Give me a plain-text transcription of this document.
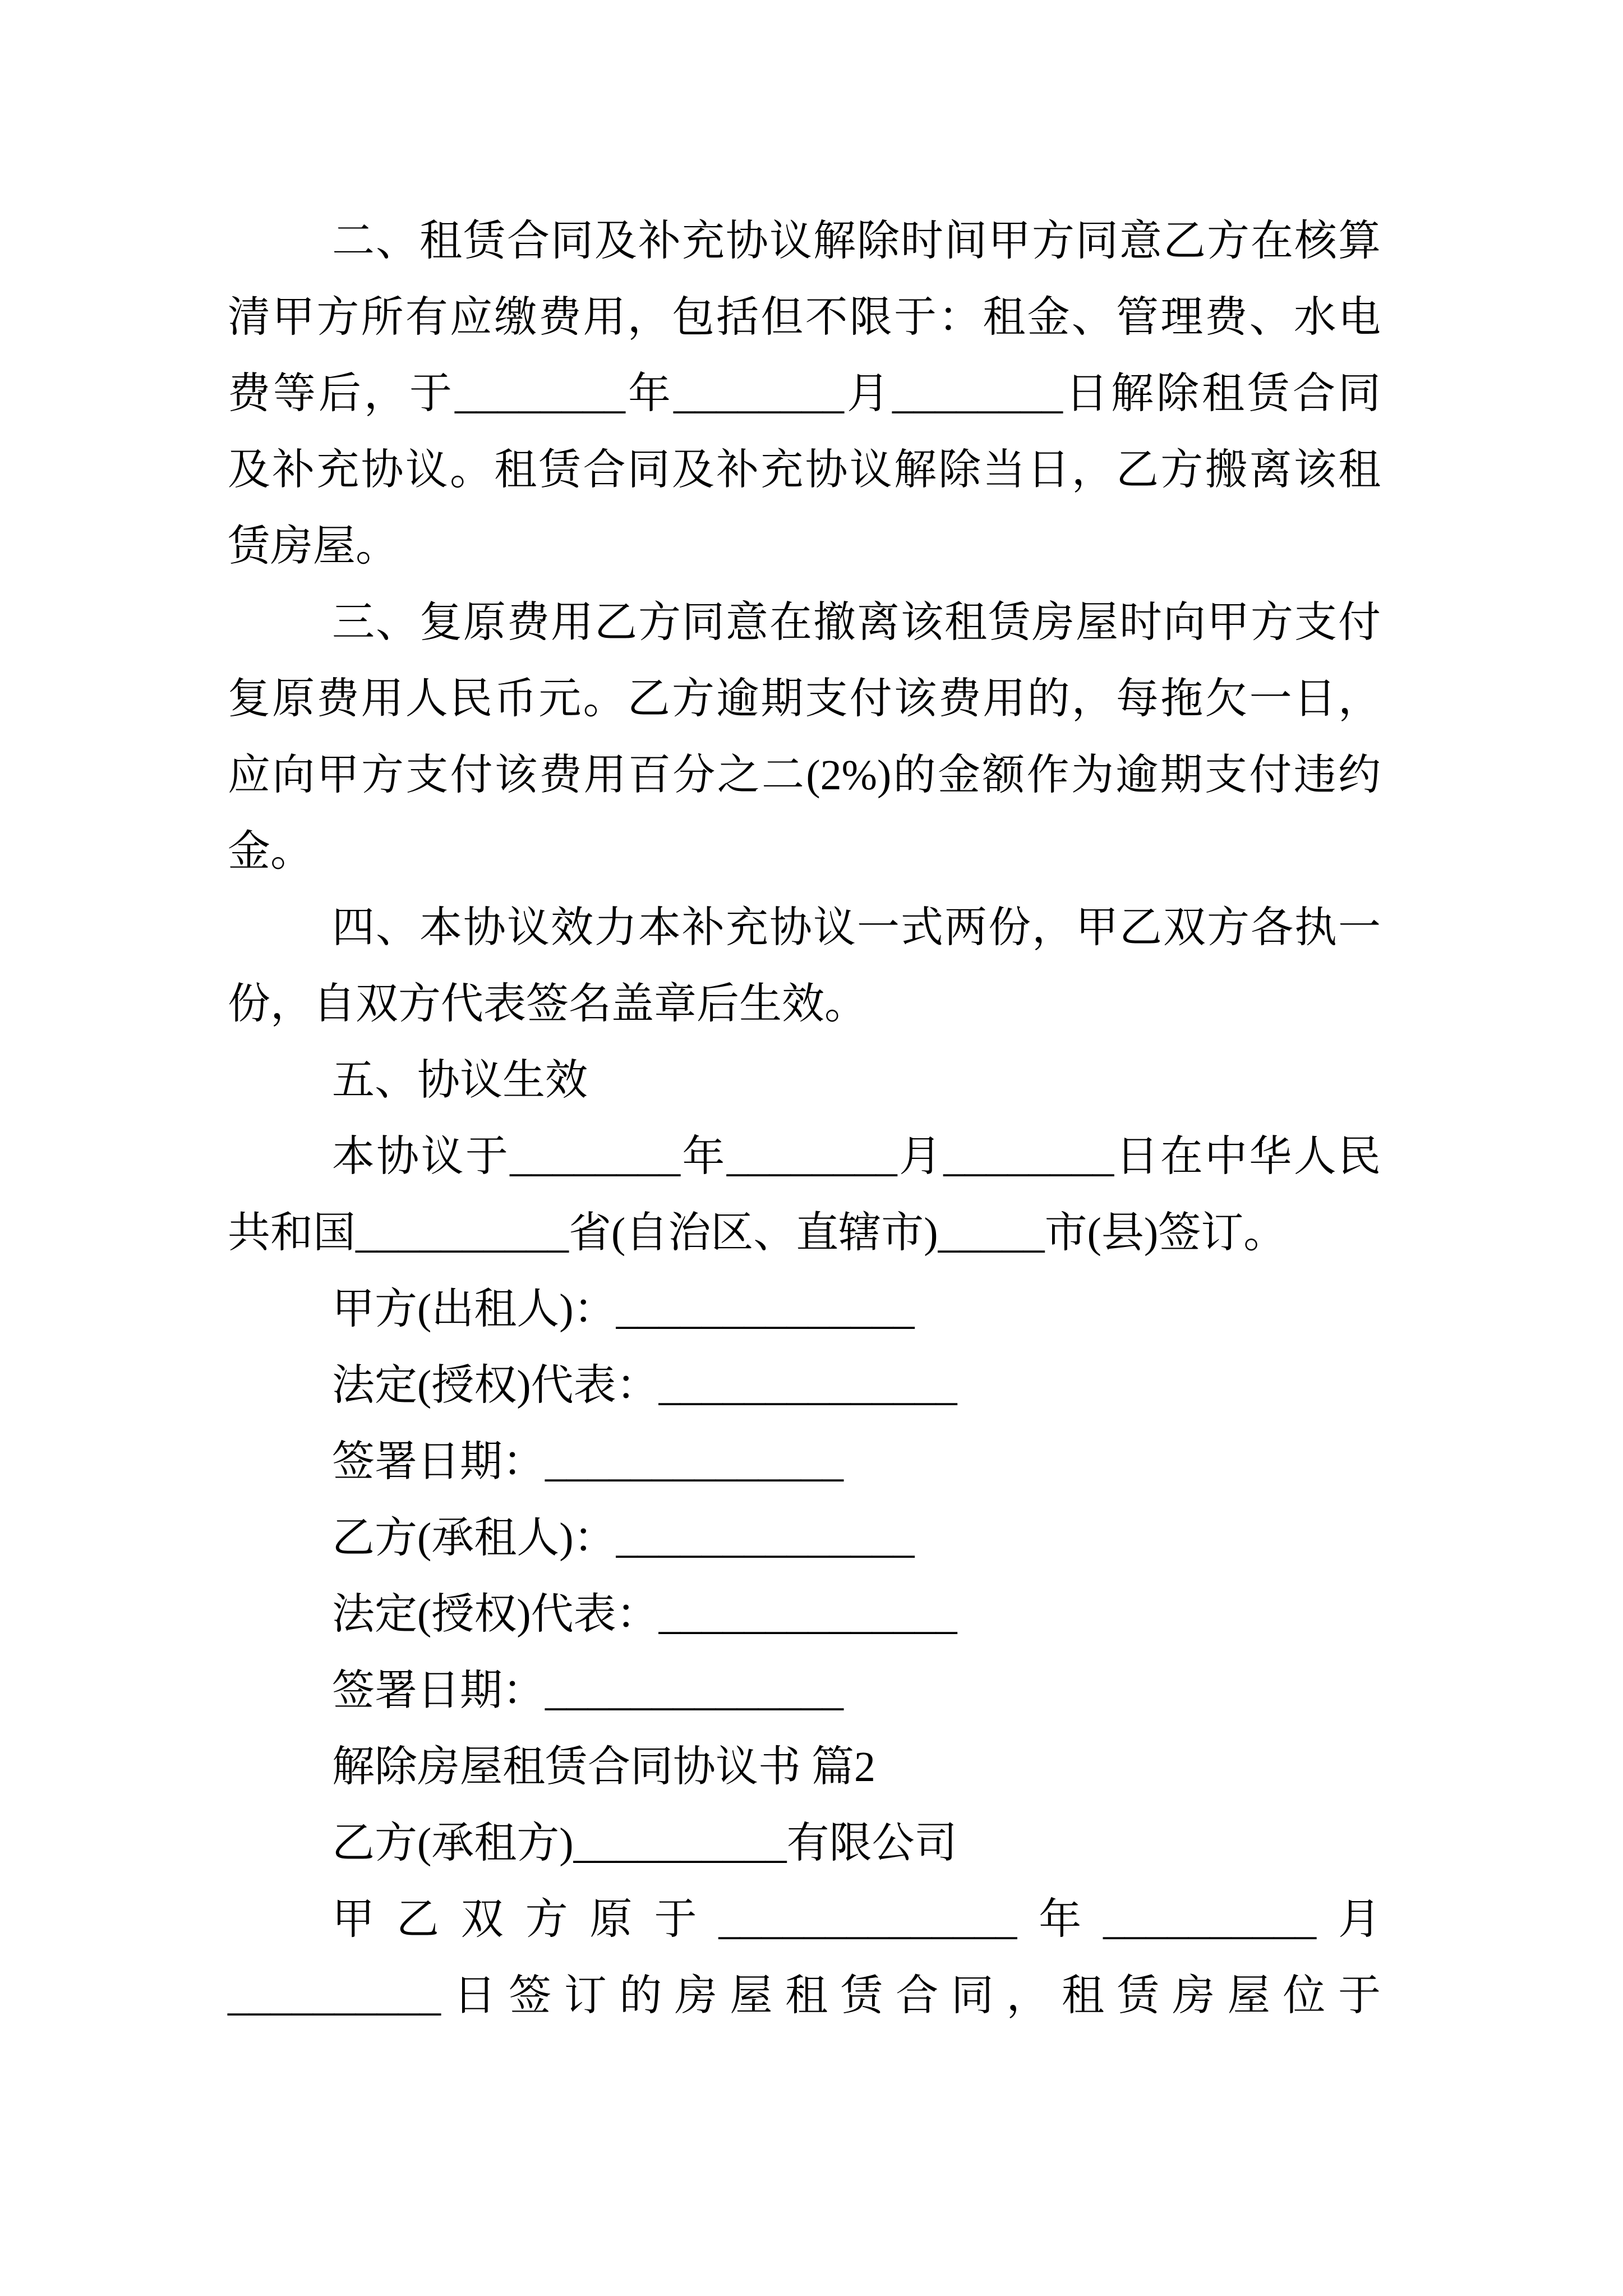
二、租赁合同及补充协议解除时间甲方同意乙方在核算
清甲方所有应缴费用，包括但不限于：租金、管理费、水电
费等后，于________年________月________日解除租赁合同
及补充协议。租赁合同及补充协议解除当日，乙方搬离该租
赁房屋。
三、复原费用乙方同意在撤离该租赁房屋时向甲方支付
复原费用人民币元。乙方逾期支付该费用的，每拖欠一日，
应向甲方支付该费用百分之二(2%)的金额作为逾期支付违约
金。
四、本协议效力本补充协议一式两份，甲乙双方各执一
份，自双方代表签名盖章后生效。
五、协议生效
本协议于________年________月________日在中华人民
共和国__________省(自治区、直辖市)_____市(县)签订。
甲方(出租人)：______________
法定(授权)代表：______________
签署日期：______________
乙方(承租人)：______________
法定(授权)代表：______________
签署日期：______________
解除房屋租赁合同协议书 篇2
乙方(承租方)__________有限公司
甲乙双方原于______________年__________月
__________日签订的房屋租赁合同，租赁房屋位于
